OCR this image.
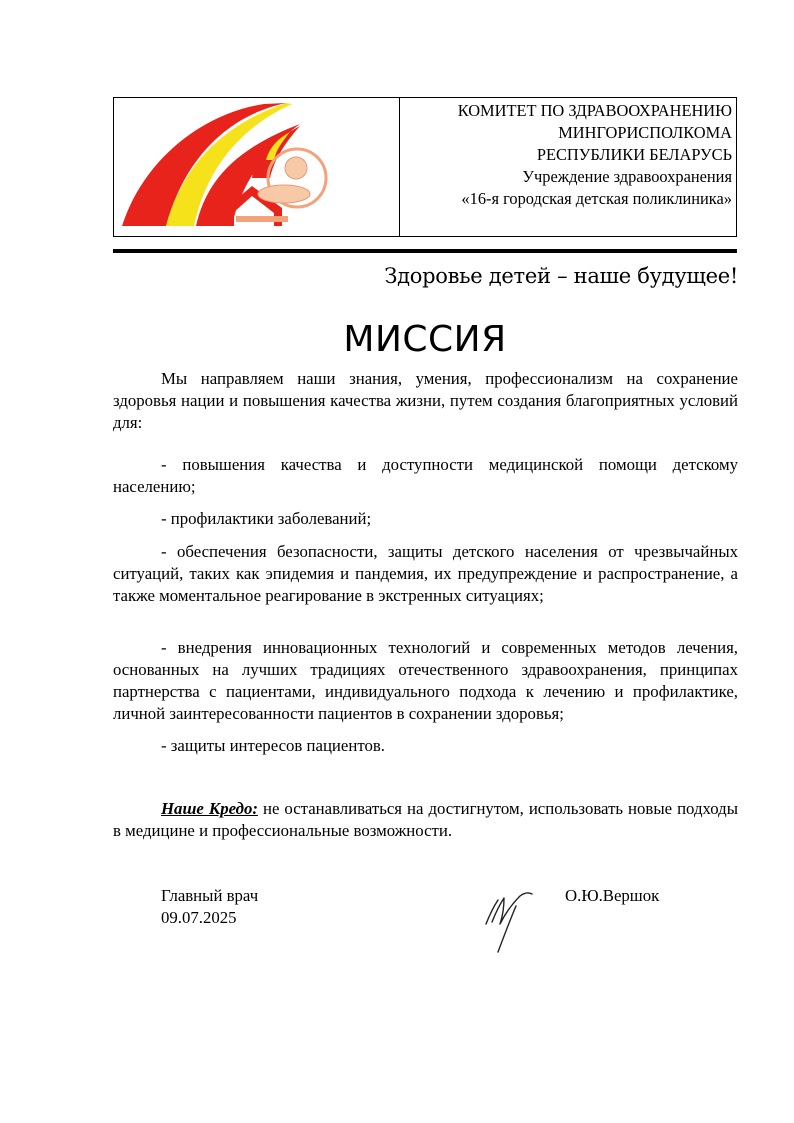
КОМИТЕТ ПО ЗДРАВООХРАНЕНИЮ
МИНГОРИСПОЛКОМА
РЕСПУБЛИКИ БЕЛАРУСЬ
Учреждение здравоохранения
«16-я городская детская поликлиника»
Здоровье детей – наше будущее!
МИССИЯ

Мы направляем наши знания, умения, профессионализм на сохранение здоровья нации и повышения качества жизни, путем создания благоприятных условий для:

- повышения качества и доступности медицинской помощи детскому населению;

- профилактики заболеваний;

- обеспечения безопасности, защиты детского населения от чрезвычайных ситуаций, таких как эпидемия и пандемия, их предупреждение и распространение, а также моментальное реагирование в экстренных ситуациях;

- внедрения инновационных технологий и современных методов лечения, основанных на лучших традициях отечественного здравоохранения, принципах партнерства с пациентами, индивидуального подхода к лечению и профилактике, личной заинтересованности пациентов в сохранении здоровья;

- защиты интересов пациентов.

Наше Кредо: не останавливаться на достигнутом, использовать новые подходы в медицине и профессиональные возможности.

Главный врач
09.07.2025
О.Ю.Вершок
